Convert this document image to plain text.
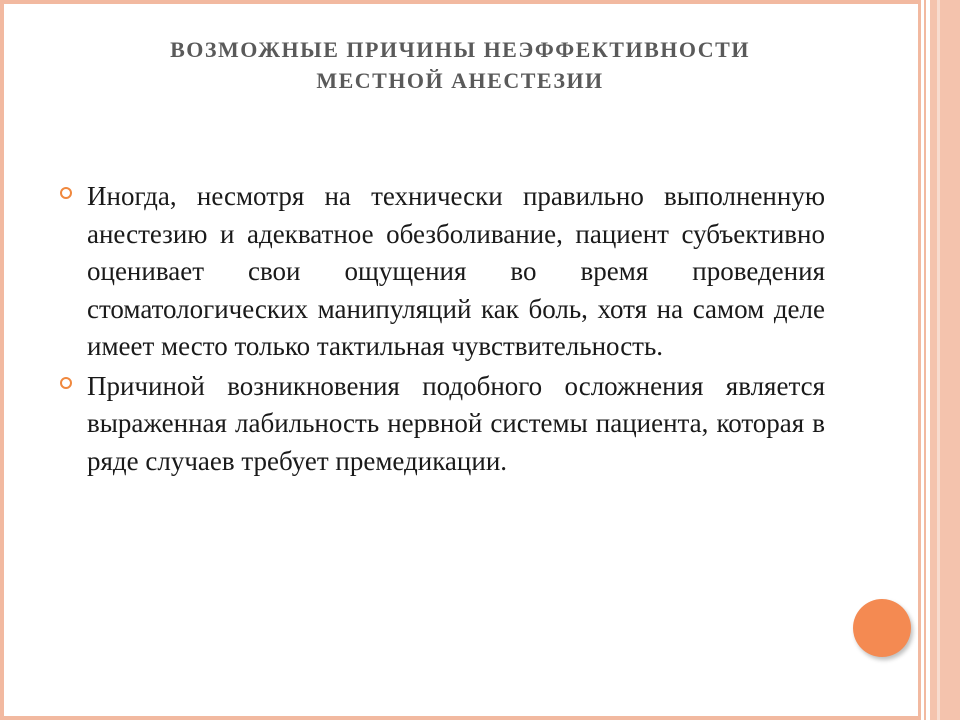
ВОЗМОЖНЫЕ ПРИЧИНЫ НЕЭФФЕКТИВНОСТИ
МЕСТНОЙ АНЕСТЕЗИИ

Иногда, несмотря на технически правильно выполненную анестезию и адекватное обезболивание, пациент субъективно оценивает свои ощущения во время проведения стоматологических манипуляций как боль, хотя на самом деле имеет место только тактильная чувствительность.

Причиной возникновения подобного осложнения является выраженная лабильность нервной системы пациента, которая в ряде случаев требует премедикации.
